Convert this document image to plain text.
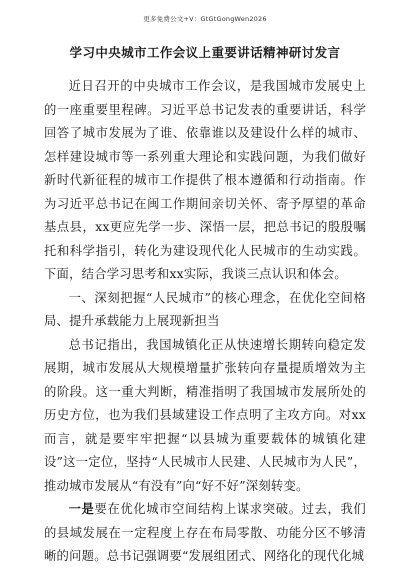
更多免费公文+V：GtGtGongWen2026
学习中央城市工作会议上重要讲话精神研讨发言

近日召开的中央城市工作会议，是我国城市发展史上的一座重要里程碑。习近平总书记发表的重要讲话，科学回答了城市发展为了谁、依靠谁以及建设什么样的城市、怎样建设城市等一系列重大理论和实践问题，为我们做好新时代新征程的城市工作提供了根本遵循和行动指南。作为习近平总书记在闽工作期间亲切关怀、寄予厚望的革命基点县，xx更应先学一步、深悟一层，把总书记的殷殷嘱托和科学指引，转化为建设现代化人民城市的生动实践。下面，结合学习思考和xx实际，我谈三点认识和体会。

一、深刻把握“人民城市”的核心理念，在优化空间格局、提升承载能力上展现新担当

总书记指出，我国城镇化正从快速增长期转向稳定发展期，城市发展从大规模增量扩张转向存量提质增效为主的阶段。这一重大判断，精准指明了我国城市发展所处的历史方位，也为我们县域建设工作点明了主攻方向。对xx而言，就是要牢牢把握“以县城为重要载体的城镇化建设”这一定位，坚持“人民城市人民建、人民城市为人民”，推动城市发展从“有没有”向“好不好”深刻转变。

一是要在优化城市空间结构上谋求突破。过去，我们的县域发展在一定程度上存在布局零散、功能分区不够清晰的问题。总书记强调要“发展组团式、网络化的现代化城
